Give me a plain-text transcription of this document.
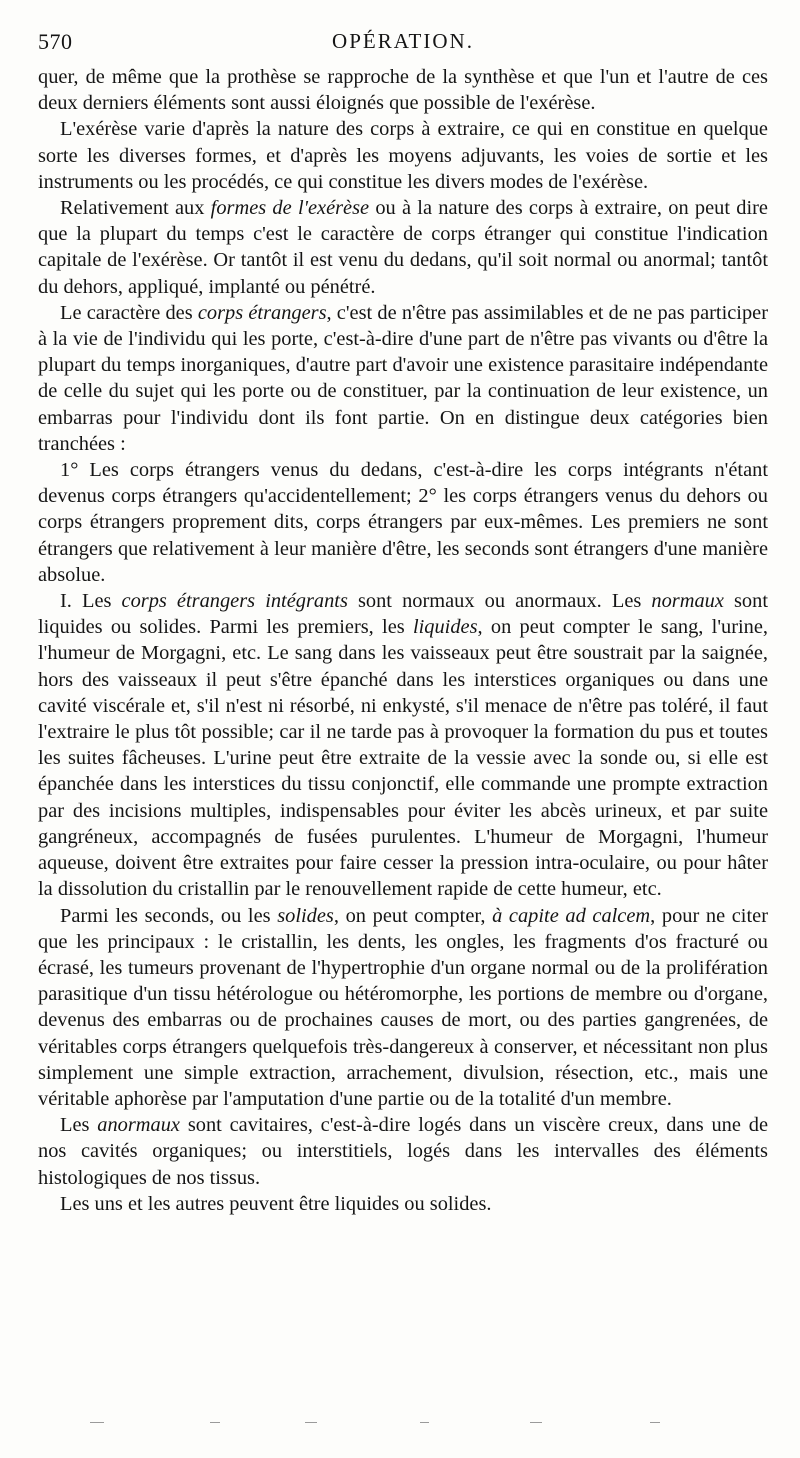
570	OPÉRATION.

quer, de même que la prothèse se rapproche de la synthèse et que l'un et l'autre de ces deux derniers éléments sont aussi éloignés que possible de l'exérèse.

L'exérèse varie d'après la nature des corps à extraire, ce qui en constitue en quelque sorte les diverses formes, et d'après les moyens adjuvants, les voies de sortie et les instruments ou les procédés, ce qui constitue les divers modes de l'exérèse.

Relativement aux formes de l'exérèse ou à la nature des corps à extraire, on peut dire que la plupart du temps c'est le caractère de corps étranger qui constitue l'indication capitale de l'exérèse. Or tantôt il est venu du dedans, qu'il soit normal ou anormal; tantôt du dehors, appliqué, implanté ou pénétré.

Le caractère des corps étrangers, c'est de n'être pas assimilables et de ne pas participer à la vie de l'individu qui les porte, c'est-à-dire d'une part de n'être pas vivants ou d'être la plupart du temps inorganiques, d'autre part d'avoir une existence parasitaire indépendante de celle du sujet qui les porte ou de constituer, par la continuation de leur existence, un embarras pour l'individu dont ils font partie. On en distingue deux catégories bien tranchées :

1° Les corps étrangers venus du dedans, c'est-à-dire les corps intégrants n'étant devenus corps étrangers qu'accidentellement; 2° les corps étrangers venus du dehors ou corps étrangers proprement dits, corps étrangers par eux-mêmes. Les premiers ne sont étrangers que relativement à leur manière d'être, les seconds sont étrangers d'une manière absolue.

I. Les corps étrangers intégrants sont normaux ou anormaux. Les normaux sont liquides ou solides. Parmi les premiers, les liquides, on peut compter le sang, l'urine, l'humeur de Morgagni, etc. Le sang dans les vaisseaux peut être soustrait par la saignée, hors des vaisseaux il peut s'être épanché dans les interstices organiques ou dans une cavité viscérale et, s'il n'est ni résorbé, ni enkysté, s'il menace de n'être pas toléré, il faut l'extraire le plus tôt possible; car il ne tarde pas à provoquer la formation du pus et toutes les suites fâcheuses. L'urine peut être extraite de la vessie avec la sonde ou, si elle est épanchée dans les interstices du tissu conjonctif, elle commande une prompte extraction par des incisions multiples, indispensables pour éviter les abcès urineux, et par suite gangréneux, accompagnés de fusées purulentes. L'humeur de Morgagni, l'humeur aqueuse, doivent être extraites pour faire cesser la pression intra-oculaire, ou pour hâter la dissolution du cristallin par le renouvellement rapide de cette humeur, etc.

Parmi les seconds, ou les solides, on peut compter, à capite ad calcem, pour ne citer que les principaux : le cristallin, les dents, les ongles, les fragments d'os fracturé ou écrasé, les tumeurs provenant de l'hypertrophie d'un organe normal ou de la prolifération parasitique d'un tissu hétérologue ou hétéromorphe, les portions de membre ou d'organe, devenus des embarras ou de prochaines causes de mort, ou des parties gangrenées, de véritables corps étrangers quelquefois très-dangereux à conserver, et nécessitant non plus simplement une simple extraction, arrachement, divulsion, résection, etc., mais une véritable aphorèse par l'amputation d'une partie ou de la totalité d'un membre.

Les anormaux sont cavitaires, c'est-à-dire logés dans un viscère creux, dans une de nos cavités organiques; ou interstitiels, logés dans les intervalles des éléments histologiques de nos tissus.

Les uns et les autres peuvent être liquides ou solides.
